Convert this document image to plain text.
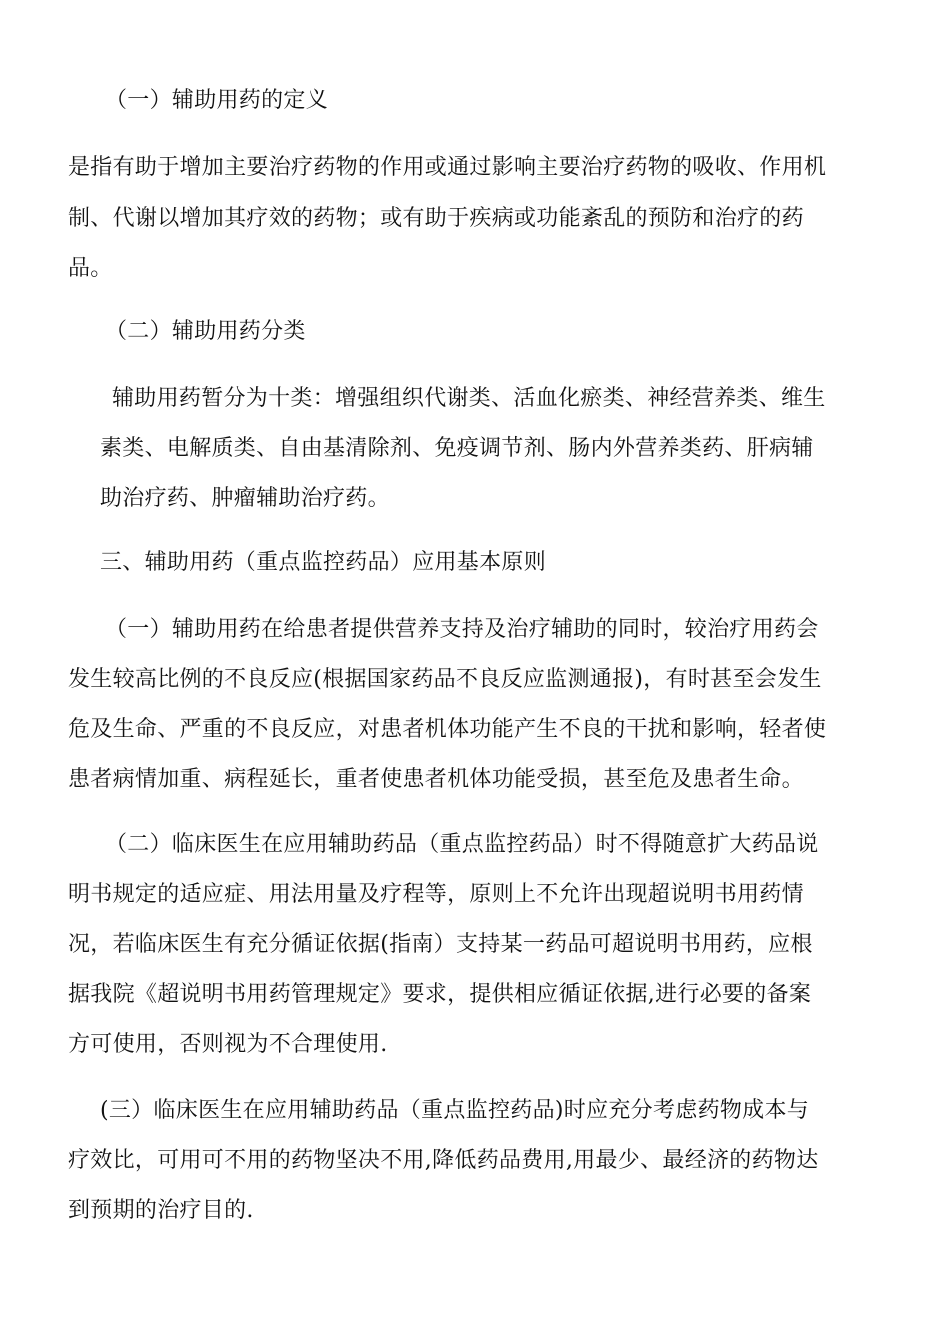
（一）辅助用药的定义

是指有助于增加主要治疗药物的作用或通过影响主要治疗药物的吸收、作用机

制、代谢以增加其疗效的药物；或有助于疾病或功能紊乱的预防和治疗的药

品。

（二）辅助用药分类

辅助用药暂分为十类：增强组织代谢类、活血化瘀类、神经营养类、维生

素类、电解质类、自由基清除剂、免疫调节剂、肠内外营养类药、肝病辅

助治疗药、肿瘤辅助治疗药。

三、辅助用药（重点监控药品）应用基本原则

（一）辅助用药在给患者提供营养支持及治疗辅助的同时，较治疗用药会

发生较高比例的不良反应(根据国家药品不良反应监测通报)，有时甚至会发生

危及生命、严重的不良反应，对患者机体功能产生不良的干扰和影响，轻者使

患者病情加重、病程延长，重者使患者机体功能受损，甚至危及患者生命。

（二）临床医生在应用辅助药品（重点监控药品）时不得随意扩大药品说

明书规定的适应症、用法用量及疗程等，原则上不允许出现超说明书用药情

况，若临床医生有充分循证依据(指南）支持某一药品可超说明书用药，应根

据我院《超说明书用药管理规定》要求，提供相应循证依据,进行必要的备案

方可使用，否则视为不合理使用.

(三）临床医生在应用辅助药品（重点监控药品)时应充分考虑药物成本与

疗效比，可用可不用的药物坚决不用,降低药品费用,用最少、最经济的药物达

到预期的治疗目的.
